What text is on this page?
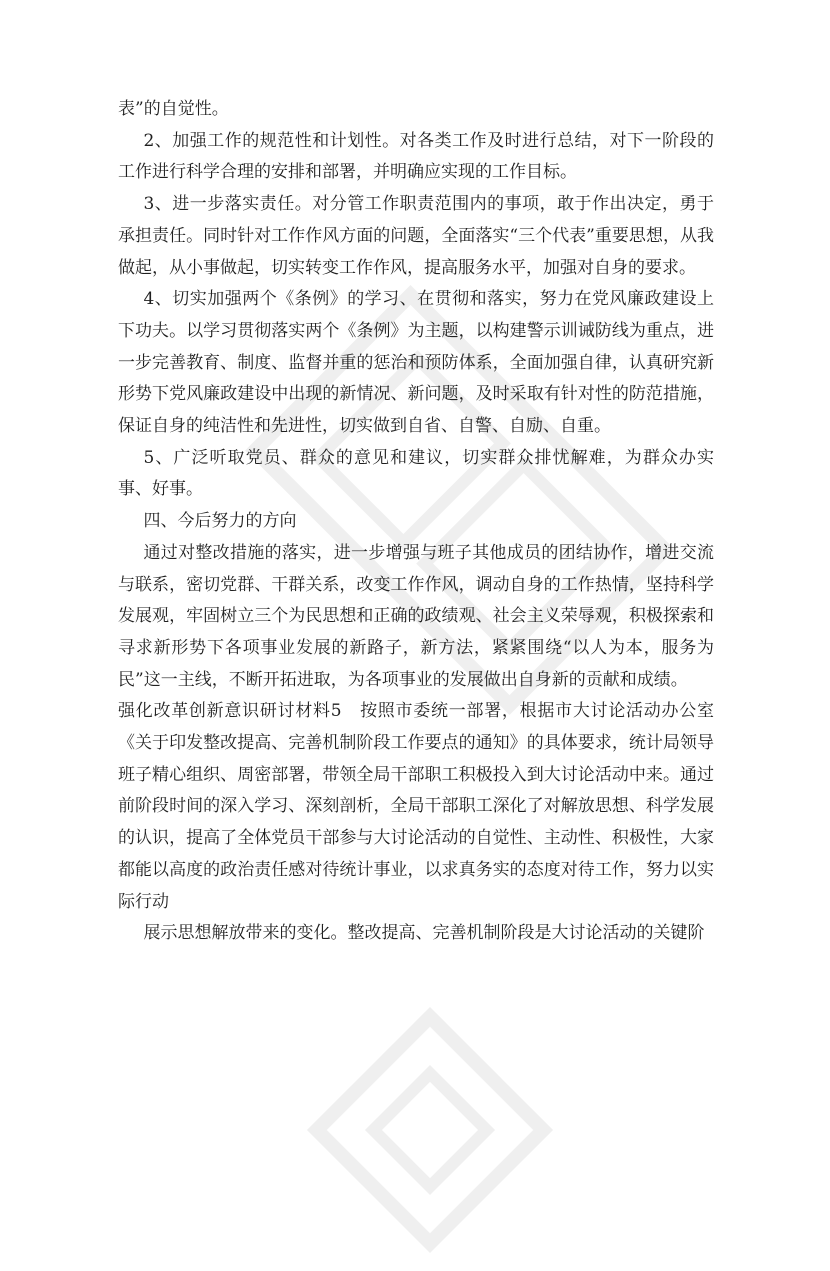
表”的自觉性。

2、加强工作的规范性和计划性。对各类工作及时进行总结，对下一阶段的工作进行科学合理的安排和部署，并明确应实现的工作目标。

3、进一步落实责任。对分管工作职责范围内的事项，敢于作出决定，勇于承担责任。同时针对工作作风方面的问题，全面落实“三个代表”重要思想，从我做起，从小事做起，切实转变工作作风，提高服务水平，加强对自身的要求。

4、切实加强两个《条例》的学习、在贯彻和落实，努力在党风廉政建设上下功夫。以学习贯彻落实两个《条例》为主题，以构建警示训诫防线为重点，进一步完善教育、制度、监督并重的惩治和预防体系，全面加强自律，认真研究新形势下党风廉政建设中出现的新情况、新问题，及时采取有针对性的防范措施，保证自身的纯洁性和先进性，切实做到自省、自警、自励、自重。

5、广泛听取党员、群众的意见和建议，切实群众排忧解难，为群众办实事、好事。

四、今后努力的方向

通过对整改措施的落实，进一步增强与班子其他成员的团结协作，增进交流与联系，密切党群、干群关系，改变工作作风，调动自身的工作热情，坚持科学发展观，牢固树立三个为民思想和正确的政绩观、社会主义荣辱观，积极探索和寻求新形势下各项事业发展的新路子，新方法，紧紧围绕“以人为本，服务为民”这一主线，不断开拓进取，为各项事业的发展做出自身新的贡献和成绩。

强化改革创新意识研讨材料5　按照市委统一部署，根据市大讨论活动办公室《关于印发整改提高、完善机制阶段工作要点的通知》的具体要求，统计局领导班子精心组织、周密部署，带领全局干部职工积极投入到大讨论活动中来。通过前阶段时间的深入学习、深刻剖析，全局干部职工深化了对解放思想、科学发展的认识，提高了全体党员干部参与大讨论活动的自觉性、主动性、积极性，大家都能以高度的政治责任感对待统计事业，以求真务实的态度对待工作，努力以实际行动

展示思想解放带来的变化。整改提高、完善机制阶段是大讨论活动的关键阶
